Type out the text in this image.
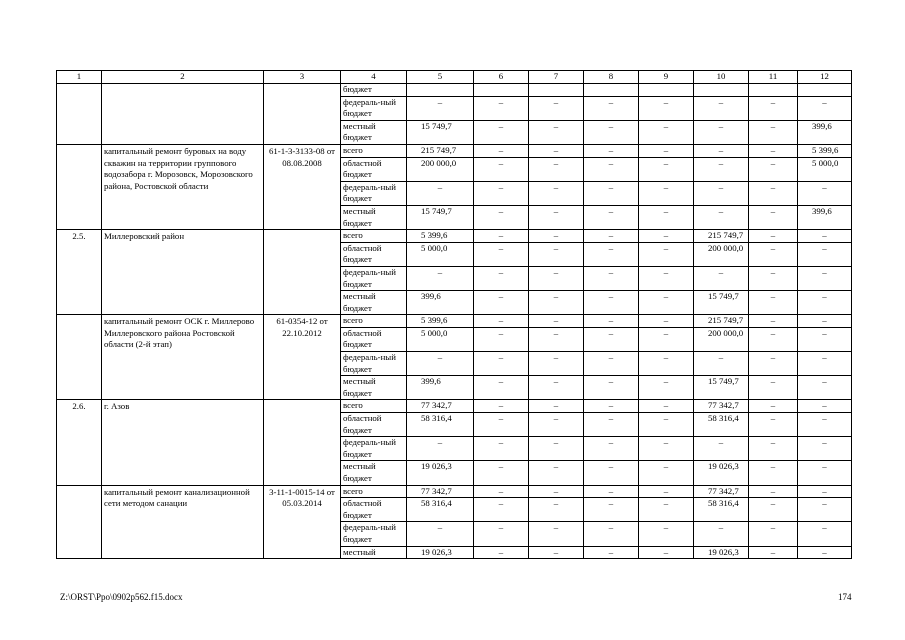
1	2	3	4	5	6	7	8	9	10	11	12
			бюджет								
			федераль-ный бюджет	–	–	–	–	–	–	–	–
			местный бюджет	15 749,7	–	–	–	–	–	–	399,6
	капитальный ремонт буровых на воду скважин на территории группового водозабора г. Морозовск, Морозовского района, Ростовской области	61-1-3-3133-08 от 08.08.2008	всего	215 749,7	–	–	–	–	–	–	5 399,6
			областной бюджет	200 000,0	–	–	–	–	–	–	5 000,0
			федераль-ный бюджет	–	–	–	–	–	–	–	–
			местный бюджет	15 749,7	–	–	–	–	–	–	399,6
2.5.	Миллеровский район		всего	5 399,6	–	–	–	–	215 749,7	–	–
			областной бюджет	5 000,0	–	–	–	–	200 000,0	–	–
			федераль-ный бюджет	–	–	–	–	–	–	–	–
			местный бюджет	399,6	–	–	–	–	15 749,7	–	–
	капитальный ремонт ОСК г. Миллерово Миллеровского района Ростовской области (2-й этап)	61-0354-12 от 22.10.2012	всего	5 399,6	–	–	–	–	215 749,7	–	–
			областной бюджет	5 000,0	–	–	–	–	200 000,0	–	–
			федераль-ный бюджет	–	–	–	–	–	–	–	–
			местный бюджет	399,6	–	–	–	–	15 749,7	–	–
2.6.	г. Азов		всего	77 342,7	–	–	–	–	77 342,7	–	–
			областной бюджет	58 316,4	–	–	–	–	58 316,4	–	–
			федераль-ный бюджет	–	–	–	–	–	–	–	–
			местный бюджет	19 026,3	–	–	–	–	19 026,3	–	–
	капитальный ремонт канализационной сети методом санации	3-11-1-0015-14 от 05.03.2014	всего	77 342,7	–	–	–	–	77 342,7	–	–
			областной бюджет	58 316,4	–	–	–	–	58 316,4	–	–
			федераль-ный бюджет	–	–	–	–	–	–	–	–
			местный	19 026,3	–	–	–	–	19 026,3	–	–
Z:\ORST\Ppo\0902p562.f15.docx	174
